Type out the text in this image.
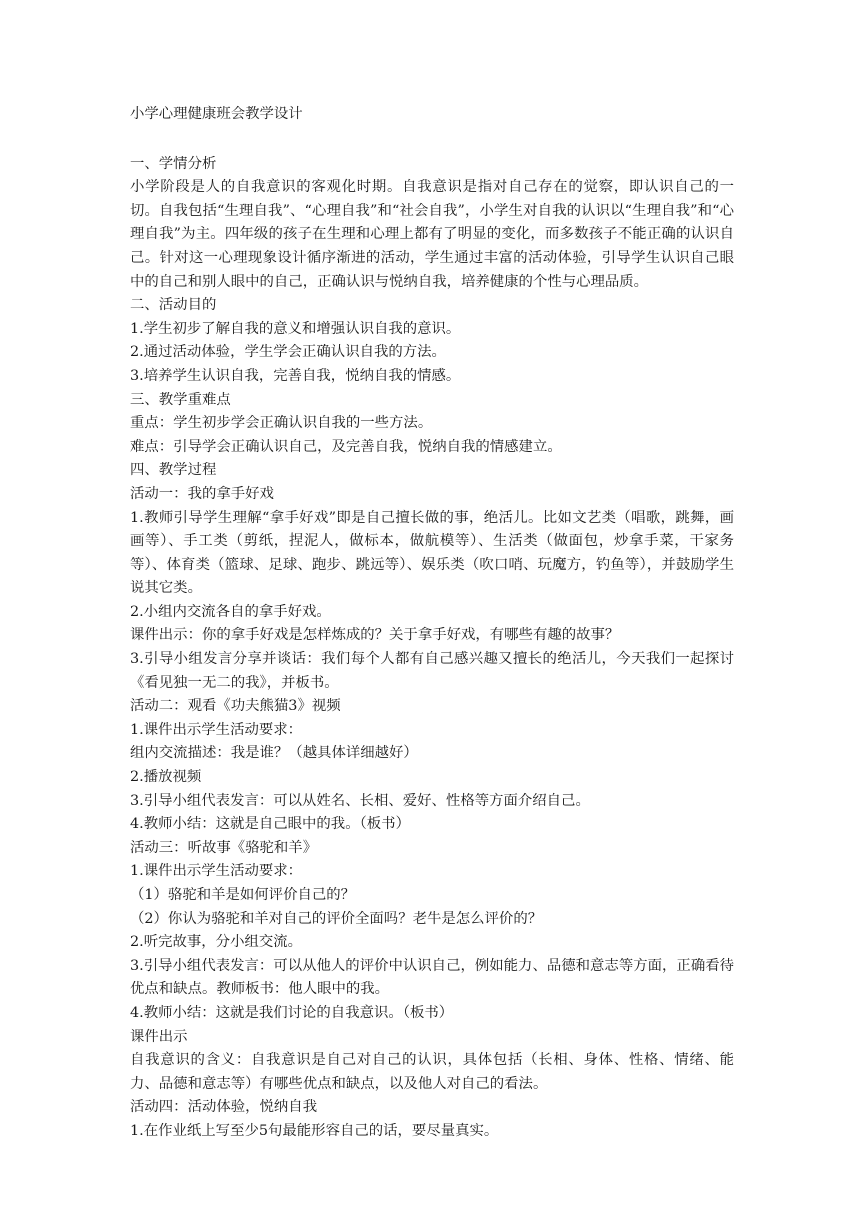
小学心理健康班会教学设计

一、学情分析

小学阶段是人的自我意识的客观化时期。自我意识是指对自己存在的觉察，即认识自己的一切。自我包括“生理自我”、“心理自我”和“社会自我”，小学生对自我的认识以“生理自我”和“心理自我”为主。四年级的孩子在生理和心理上都有了明显的变化，而多数孩子不能正确的认识自己。针对这一心理现象设计循序渐进的活动，学生通过丰富的活动体验，引导学生认识自己眼中的自己和别人眼中的自己，正确认识与悦纳自我，培养健康的个性与心理品质。

二、活动目的

1.学生初步了解自我的意义和增强认识自我的意识。

2.通过活动体验，学生学会正确认识自我的方法。

3.培养学生认识自我，完善自我，悦纳自我的情感。

三、教学重难点

重点：学生初步学会正确认识自我的一些方法。

难点：引导学会正确认识自己，及完善自我，悦纳自我的情感建立。

四、教学过程

活动一：我的拿手好戏

1.教师引导学生理解“拿手好戏”即是自己擅长做的事，绝活儿。比如文艺类（唱歌，跳舞，画画等）、手工类（剪纸，捏泥人，做标本，做航模等）、生活类（做面包，炒拿手菜，干家务等）、体育类（篮球、足球、跑步、跳远等）、娱乐类（吹口哨、玩魔方，钓鱼等），并鼓励学生说其它类。

2.小组内交流各自的拿手好戏。

课件出示：你的拿手好戏是怎样炼成的？关于拿手好戏，有哪些有趣的故事？

3.引导小组发言分享并谈话：我们每个人都有自己感兴趣又擅长的绝活儿，今天我们一起探讨《看见独一无二的我》，并板书。

活动二：观看《功夫熊猫3》视频

1.课件出示学生活动要求：

组内交流描述：我是谁？（越具体详细越好）

2.播放视频

3.引导小组代表发言：可以从姓名、长相、爱好、性格等方面介绍自己。

4.教师小结：这就是自己眼中的我。（板书）

活动三：听故事《骆驼和羊》

1.课件出示学生活动要求：

（1）骆驼和羊是如何评价自己的？

（2）你认为骆驼和羊对自己的评价全面吗？老牛是怎么评价的？

2.听完故事，分小组交流。

3.引导小组代表发言：可以从他人的评价中认识自己，例如能力、品德和意志等方面，正确看待优点和缺点。教师板书：他人眼中的我。

4.教师小结：这就是我们讨论的自我意识。（板书）

课件出示

自我意识的含义：自我意识是自己对自己的认识，具体包括（长相、身体、性格、情绪、能力、品德和意志等）有哪些优点和缺点，以及他人对自己的看法。

活动四：活动体验，悦纳自我

1.在作业纸上写至少5句最能形容自己的话，要尽量真实。
